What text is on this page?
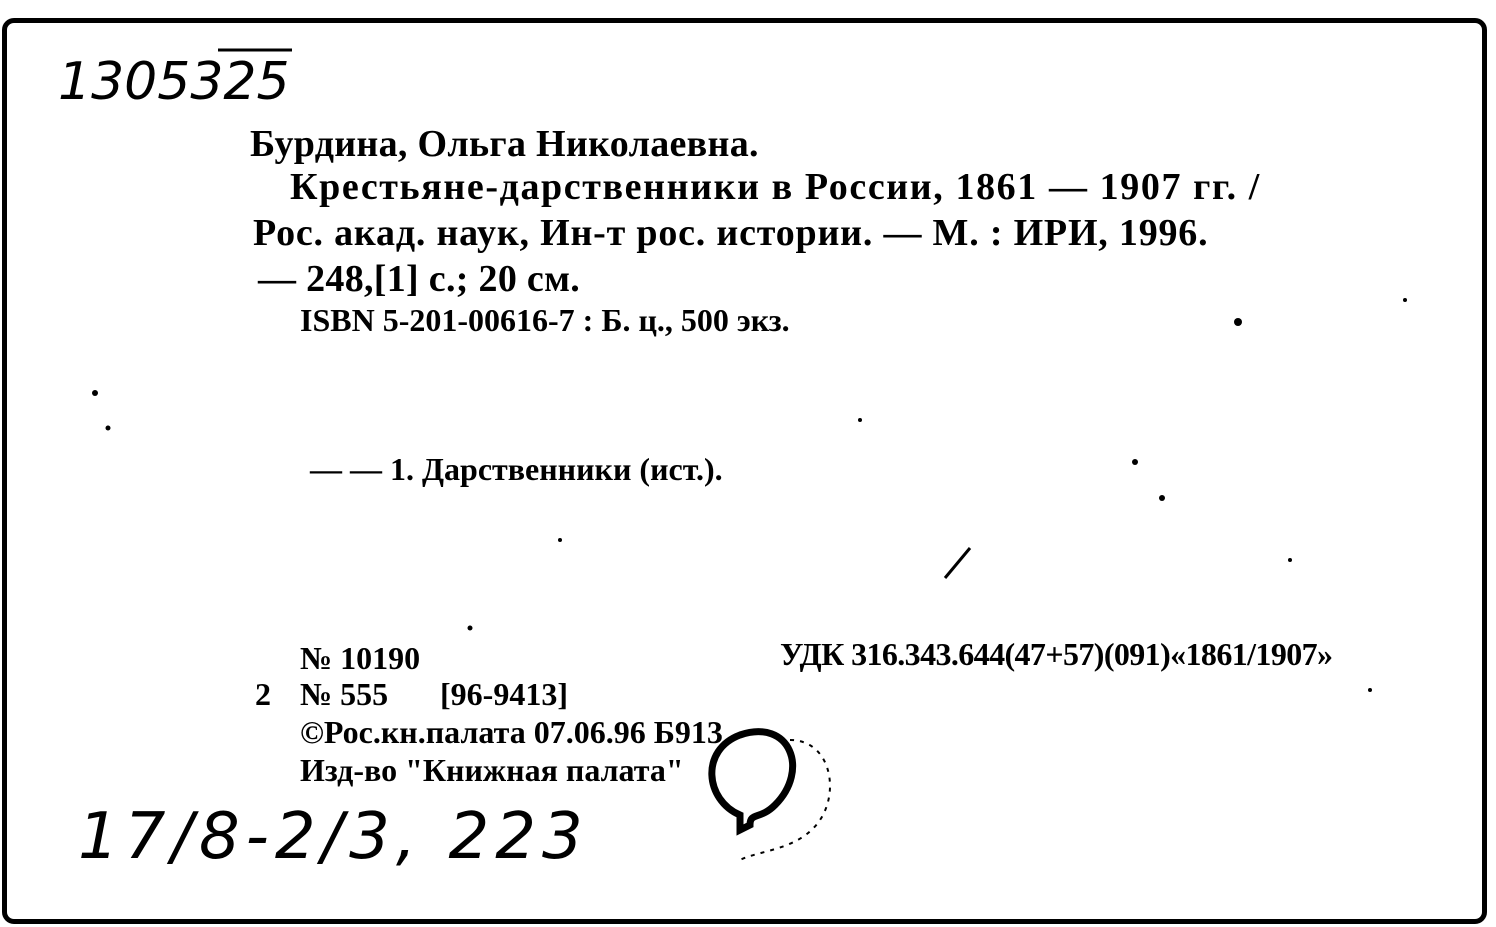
1305325
Бурдина, Ольга Николаевна.
Крестьяне-дарственники в России, 1861 — 1907 гг. /
Рос. акад. наук, Ин-т рос. истории. — М. : ИРИ, 1996.
— 248,[1] с.; 20 см.
ISBN 5-201-00616-7 : Б. ц., 500 экз.
— — 1. Дарственники (ист.).
№ 10190	УДК 316.343.644(47+57)(091)«1861/1907»
2 № 555 [96-9413]
©Рос.кн.палата 07.06.96 Б913
Изд-во "Книжная палата"
17/8-2/3, 223
